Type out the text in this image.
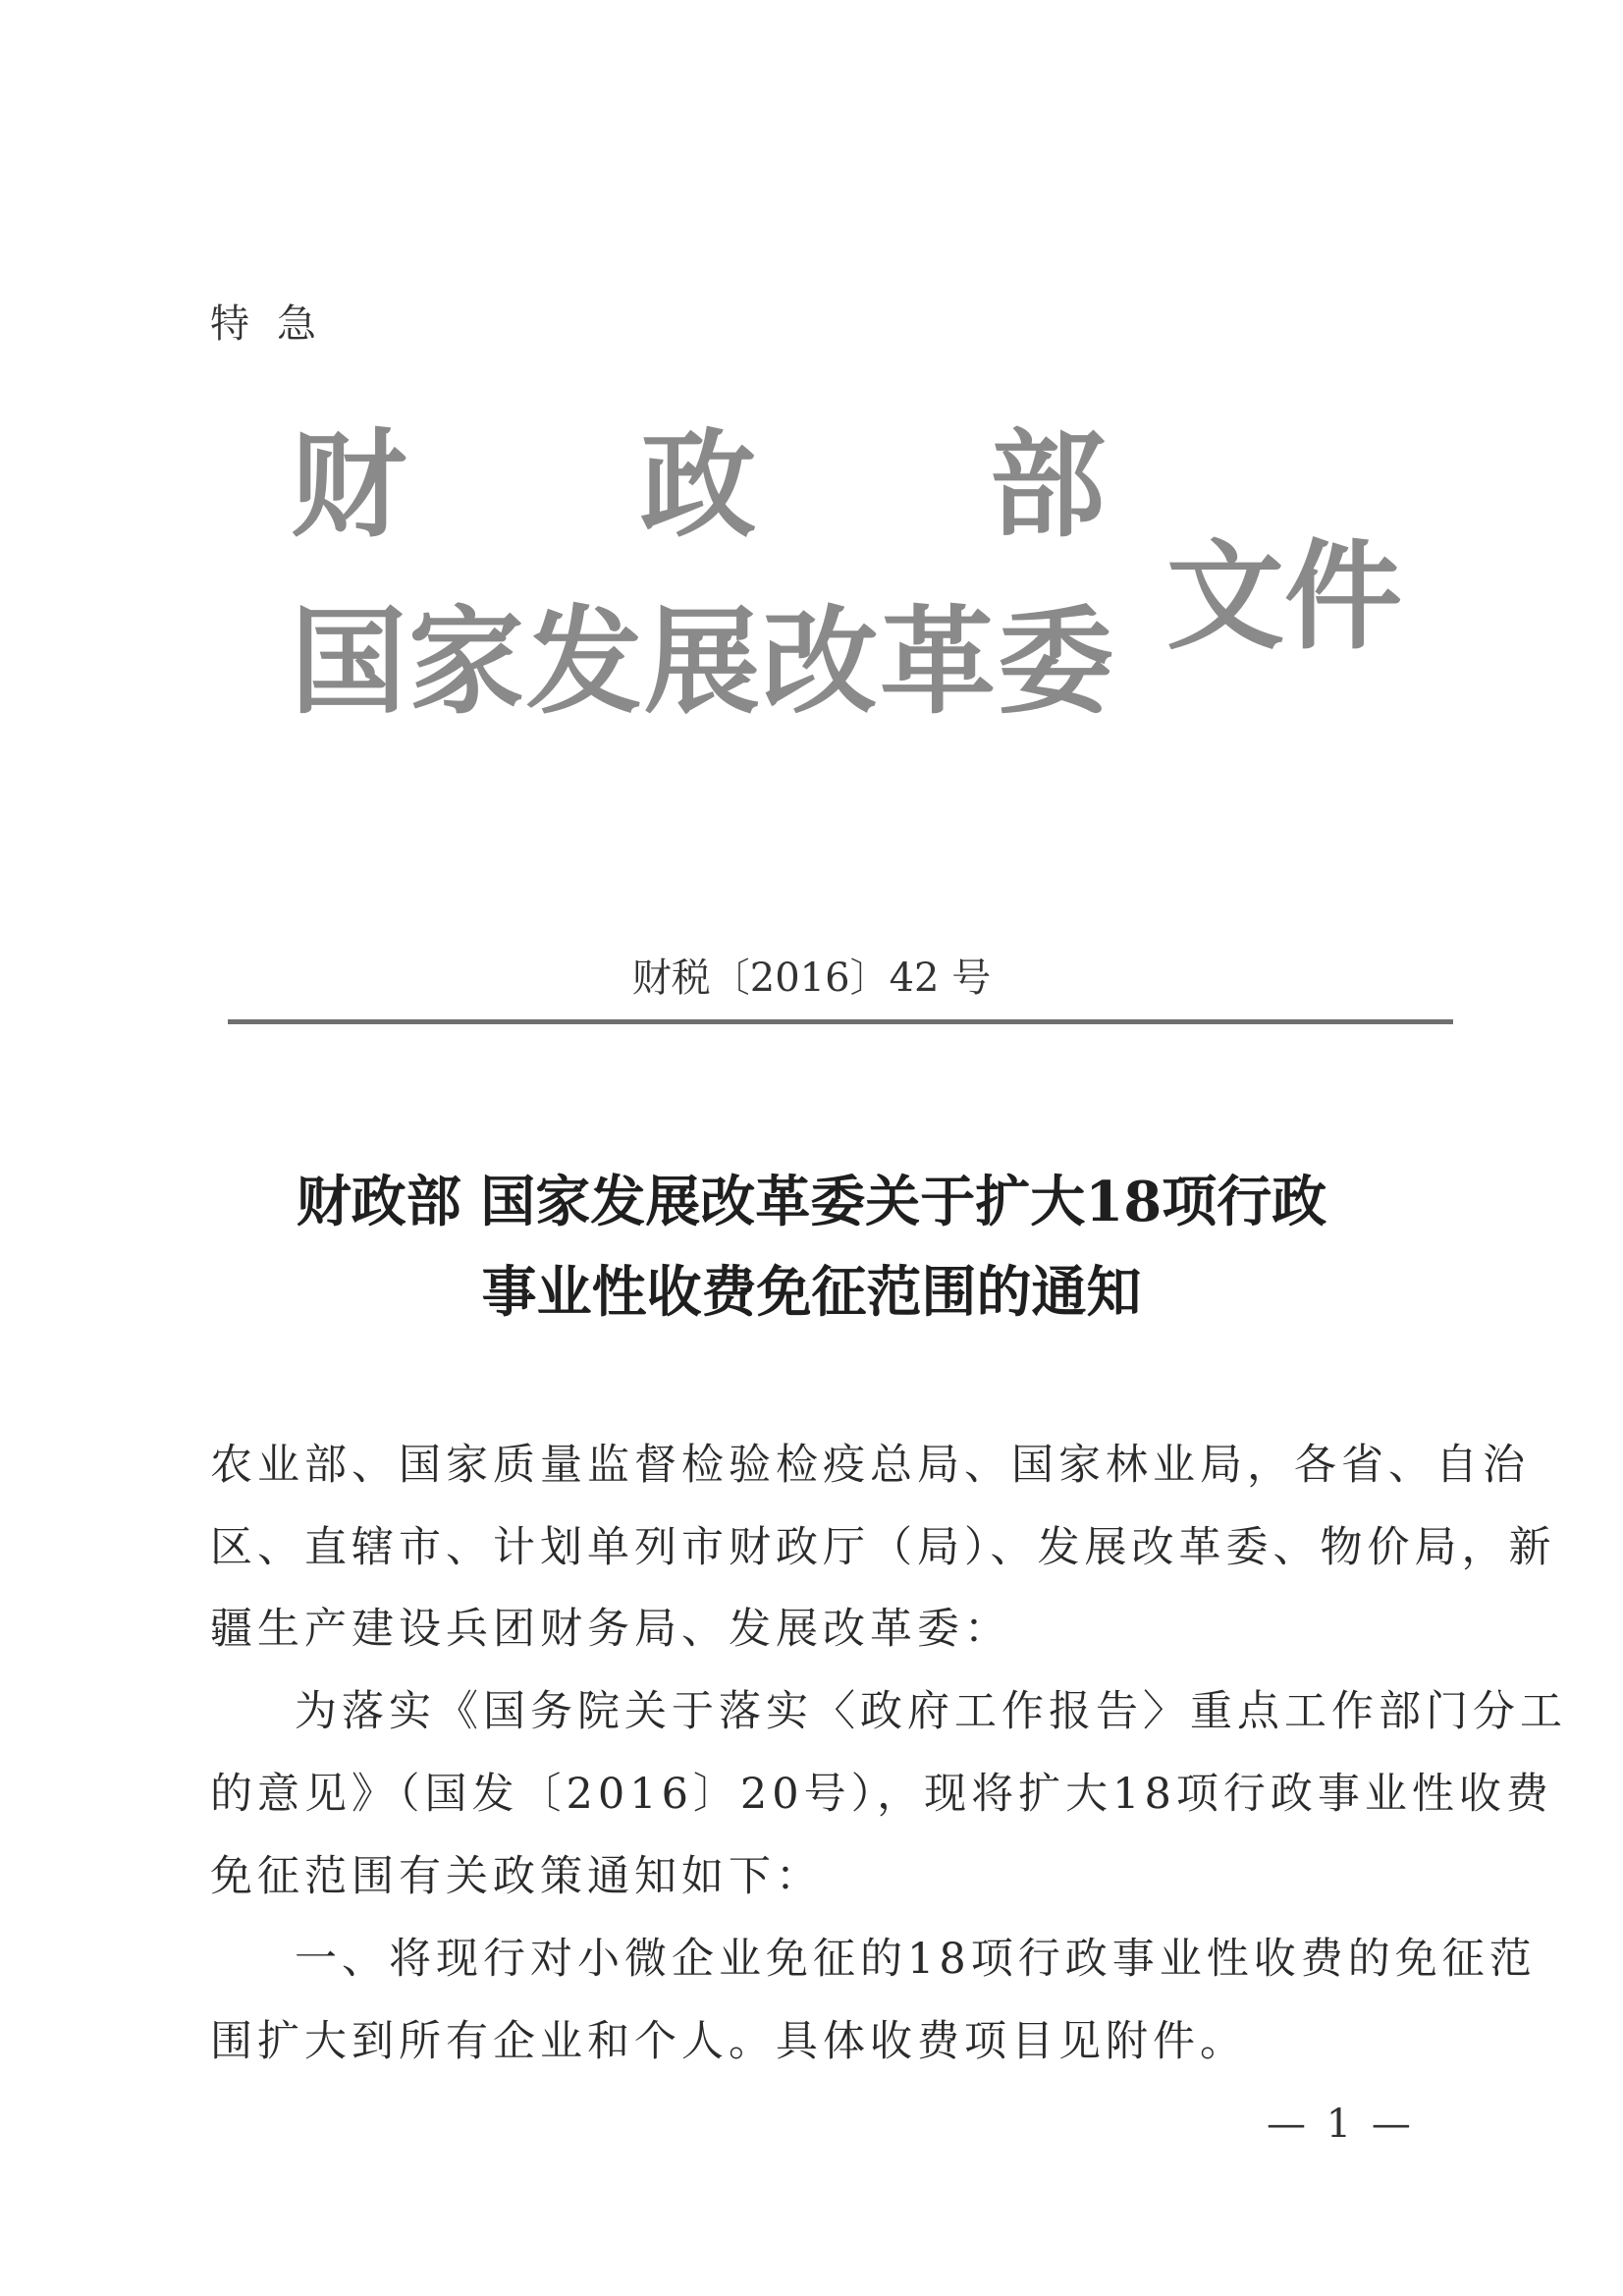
特急
财 政 部
国家发展改革委 文件
财税〔2016〕42 号
财政部 国家发展改革委关于扩大18项行政
事业性收费免征范围的通知
农业部、国家质量监督检验检疫总局、国家林业局，各省、自治
区、直辖市、计划单列市财政厅（局）、发展改革委、物价局，新
疆生产建设兵团财务局、发展改革委：
为落实《国务院关于落实〈政府工作报告〉重点工作部门分工
的意见》（国发〔2016〕20号），现将扩大18项行政事业性收费
免征范围有关政策通知如下：
一、将现行对小微企业免征的18项行政事业性收费的免征范
围扩大到所有企业和个人。具体收费项目见附件。
— 1 —
